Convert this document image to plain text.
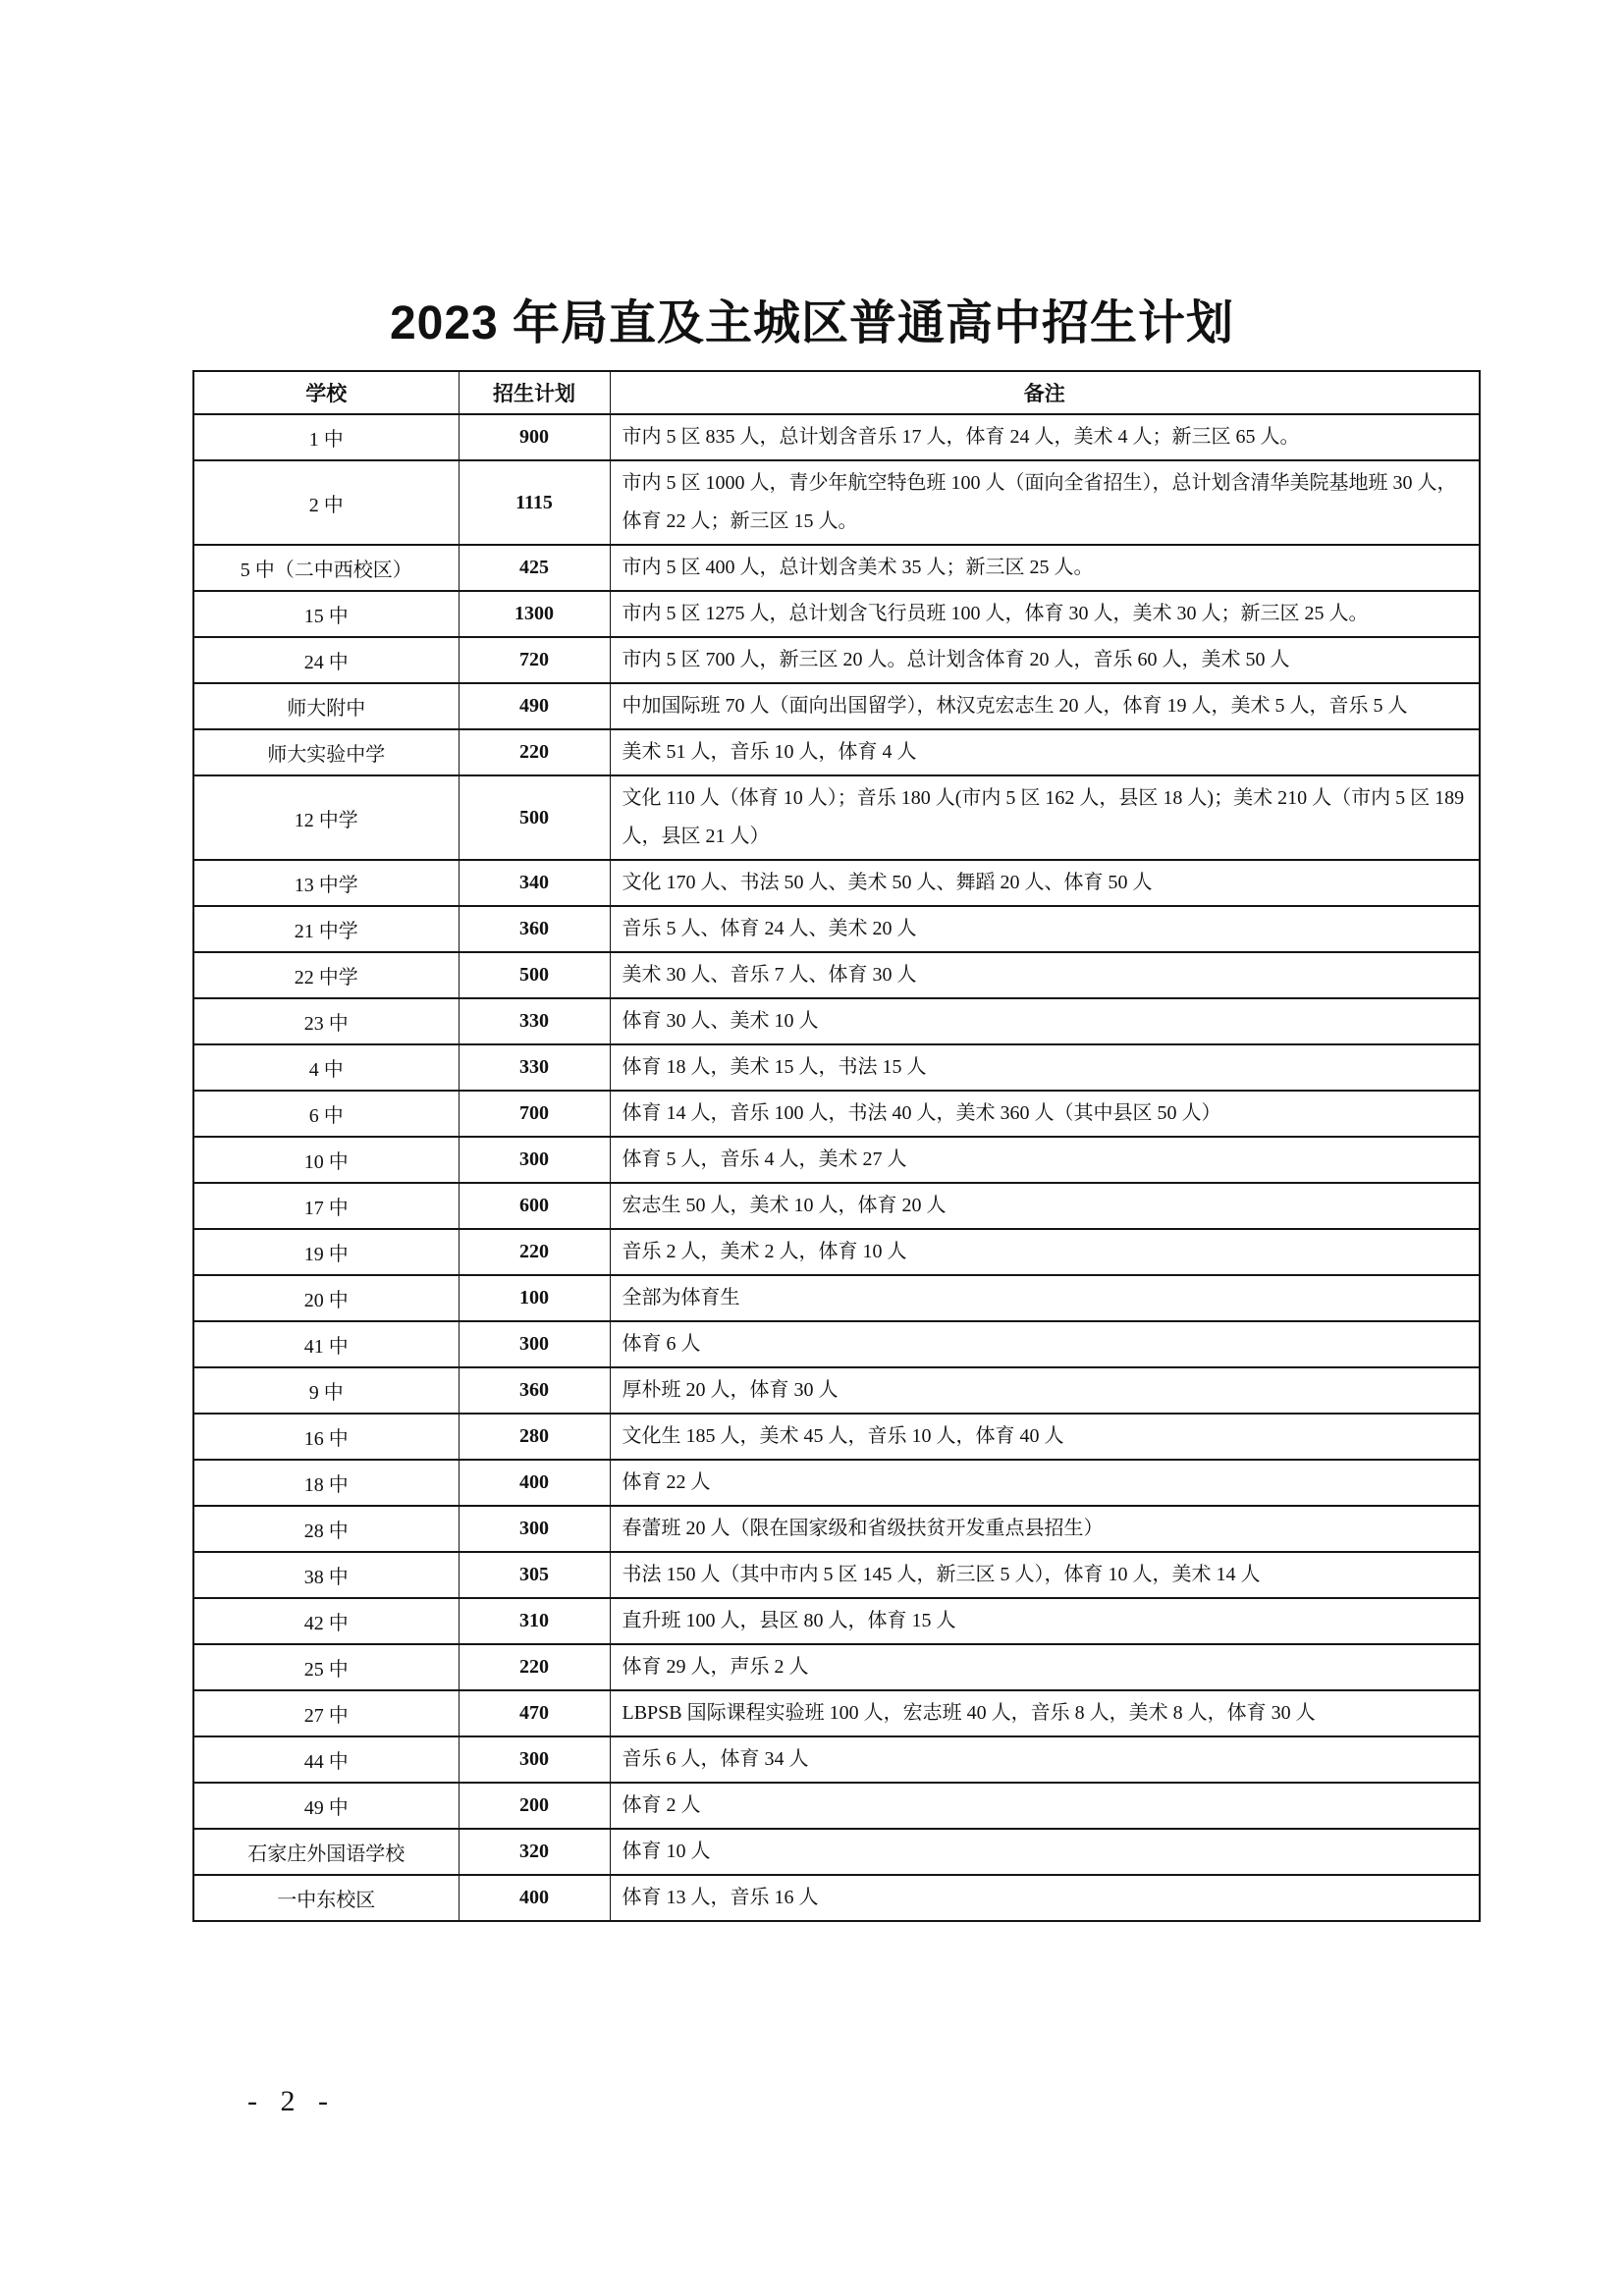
2023 年局直及主城区普通高中招生计划
学校	招生计划	备注
1 中	900	市内 5 区 835 人，总计划含音乐 17 人，体育 24 人，美术 4 人；新三区 65 人。
2 中	1115	市内 5 区 1000 人，青少年航空特色班 100 人（面向全省招生），总计划含清华美院基地班 30 人，体育 22 人；新三区 15 人。
5 中（二中西校区）	425	市内 5 区 400 人，总计划含美术 35 人；新三区 25 人。
15 中	1300	市内 5 区 1275 人，总计划含飞行员班 100 人，体育 30 人，美术 30 人；新三区 25 人。
24 中	720	市内 5 区 700 人，新三区 20 人。总计划含体育 20 人，音乐 60 人，美术 50 人
师大附中	490	中加国际班 70 人（面向出国留学），林汉克宏志生 20 人，体育 19 人，美术 5 人，音乐 5 人
师大实验中学	220	美术 51 人，音乐 10 人，体育 4 人
12 中学	500	文化 110 人（体育 10 人）；音乐 180 人(市内 5 区 162 人，县区 18 人)；美术 210 人（市内 5 区 189 人，县区 21 人）
13 中学	340	文化 170 人、书法 50 人、美术 50 人、舞蹈 20 人、体育 50 人
21 中学	360	音乐 5 人、体育 24 人、美术 20 人
22 中学	500	美术 30 人、音乐 7 人、体育 30 人
23 中	330	体育 30 人、美术 10 人
4 中	330	体育 18 人，美术 15 人，书法 15 人
6 中	700	体育 14 人，音乐 100 人，书法 40 人，美术 360 人（其中县区 50 人）
10 中	300	体育 5 人，音乐 4 人，美术 27 人
17 中	600	宏志生 50 人，美术 10 人，体育 20 人
19 中	220	音乐 2 人，美术 2 人，体育 10 人
20 中	100	全部为体育生
41 中	300	体育 6 人
9 中	360	厚朴班 20 人，体育 30 人
16 中	280	文化生 185 人，美术 45 人，音乐 10 人，体育 40 人
18 中	400	体育 22 人
28 中	300	春蕾班 20 人（限在国家级和省级扶贫开发重点县招生）
38 中	305	书法 150 人（其中市内 5 区 145 人，新三区 5 人），体育 10 人，美术 14 人
42 中	310	直升班 100 人，县区 80 人，体育 15 人
25 中	220	体育 29 人，声乐 2 人
27 中	470	LBPSB 国际课程实验班 100 人，宏志班 40 人，音乐 8 人，美术 8 人，体育 30 人
44 中	300	音乐 6 人，体育 34 人
49 中	200	体育 2 人
石家庄外国语学校	320	体育 10 人
一中东校区	400	体育 13 人，音乐 16 人
- 2 -
